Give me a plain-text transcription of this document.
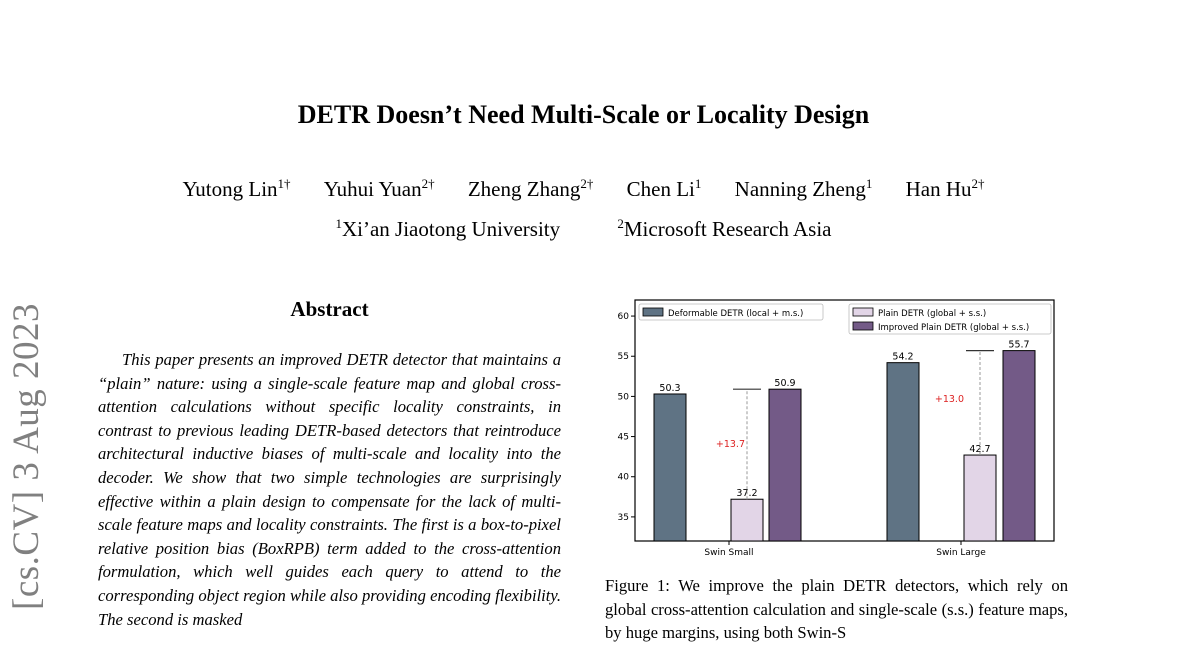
[cs.CV] 3 Aug 2023
DETR Doesn’t Need Multi-Scale or Locality Design
Yutong Lin$^{1\dagger}$ Yuhui Yuan$^{2\dagger}$ Zheng Zhang$^{2\dagger}$ Chen Li$^1$ Nanning Zheng$^1$ Han $Hu^{2\dagger}$
$^1$Xi’an Jiaotong University	$^2$Microsoft Research Asia
Abstract
This paper presents an improved DETR detector that maintains a “plain” nature: using a single-scale feature map and global cross-attention calculations without specific locality constraints, in contrast to previous leading DETR-based detectors that reintroduce architectural inductive biases of multi-scale and locality into the decoder. We show that two simple technologies are surprisingly effective within a plain design to compensate for the lack of multi-scale feature maps and locality constraints. The first is a box-to-pixel relative position bias (BoxRPB) term added to the cross-attention formulation, which well guides each query to attend to the corresponding object region while also providing encoding flexibility. The second is masked
35
40
45
50
55
60
50.3
37.2
50.9
+13.7
Swin Small
54.2
42.7
55.7
+13.0
Swin Large
Deformable DETR (local + m.s.)	Plain DETR (global + s.s.)
Improved Plain DETR (global + s.s.)
Figure 1: We improve the plain DETR detectors, which rely on global cross-attention calculation and single-scale (s.s.) feature maps, by huge margins, using both Swin-S
